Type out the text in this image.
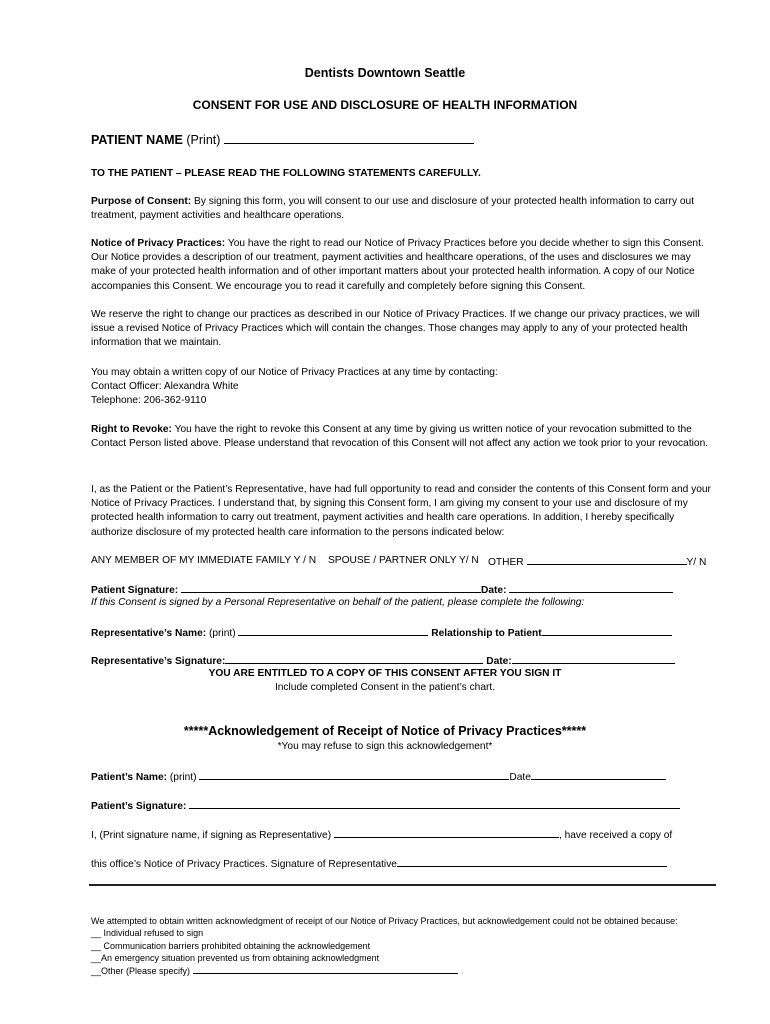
Dentists Downtown Seattle
CONSENT FOR USE AND DISCLOSURE OF HEALTH INFORMATION
PATIENT NAME (Print)
TO THE PATIENT – PLEASE READ THE FOLLOWING STATEMENTS CAREFULLY.
Purpose of Consent: By signing this form, you will consent to our use and disclosure of your protected health information to carry out treatment, payment activities and healthcare operations.
Notice of Privacy Practices: You have the right to read our Notice of Privacy Practices before you decide whether to sign this Consent. Our Notice provides a description of our treatment, payment activities and healthcare operations, of the uses and disclosures we may make of your protected health information and of other important matters about your protected health information. A copy of our Notice accompanies this Consent. We encourage you to read it carefully and completely before signing this Consent.
We reserve the right to change our practices as described in our Notice of Privacy Practices. If we change our privacy practices, we will issue a revised Notice of Privacy Practices which will contain the changes. Those changes may apply to any of your protected health information that we maintain.
You may obtain a written copy of our Notice of Privacy Practices at any time by contacting:
Contact Officer: Alexandra White
Telephone: 206-362-9110
Right to Revoke: You have the right to revoke this Consent at any time by giving us written notice of your revocation submitted to the Contact Person listed above. Please understand that revocation of this Consent will not affect any action we took prior to your revocation.
I, as the Patient or the Patient’s Representative, have had full opportunity to read and consider the contents of this Consent form and your Notice of Privacy Practices. I understand that, by signing this Consent form, I am giving my consent to your use and disclosure of my protected health information to carry out treatment, payment activities and health care operations. In addition, I hereby specifically authorize disclosure of my protected health care information to the persons indicated below:
ANY MEMBER OF MY IMMEDIATE FAMILY Y / N SPOUSE / PARTNER ONLY Y/ N OTHER	Y/ N
Patient Signature:	Date:
If this Consent is signed by a Personal Representative on behalf of the patient, please complete the following:
Representative’s Name: (print)	Relationship to Patient
Representative’s Signature:	Date:
YOU ARE ENTITLED TO A COPY OF THIS CONSENT AFTER YOU SIGN IT
Include completed Consent in the patient’s chart.
*****Acknowledgement of Receipt of Notice of Privacy Practices*****
*You may refuse to sign this acknowledgement*
Patient’s Name: (print)	Date
Patient’s Signature:
I, (Print signature name, if signing as Representative)	, have received a copy of
this office’s Notice of Privacy Practices. Signature of Representative
We attempted to obtain written acknowledgment of receipt of our Notice of Privacy Practices, but acknowledgement could not be obtained because:
__ Individual refused to sign
__ Communication barriers prohibited obtaining the acknowledgement
__An emergency situation prevented us from obtaining acknowledgment
__Other (Please specify)
